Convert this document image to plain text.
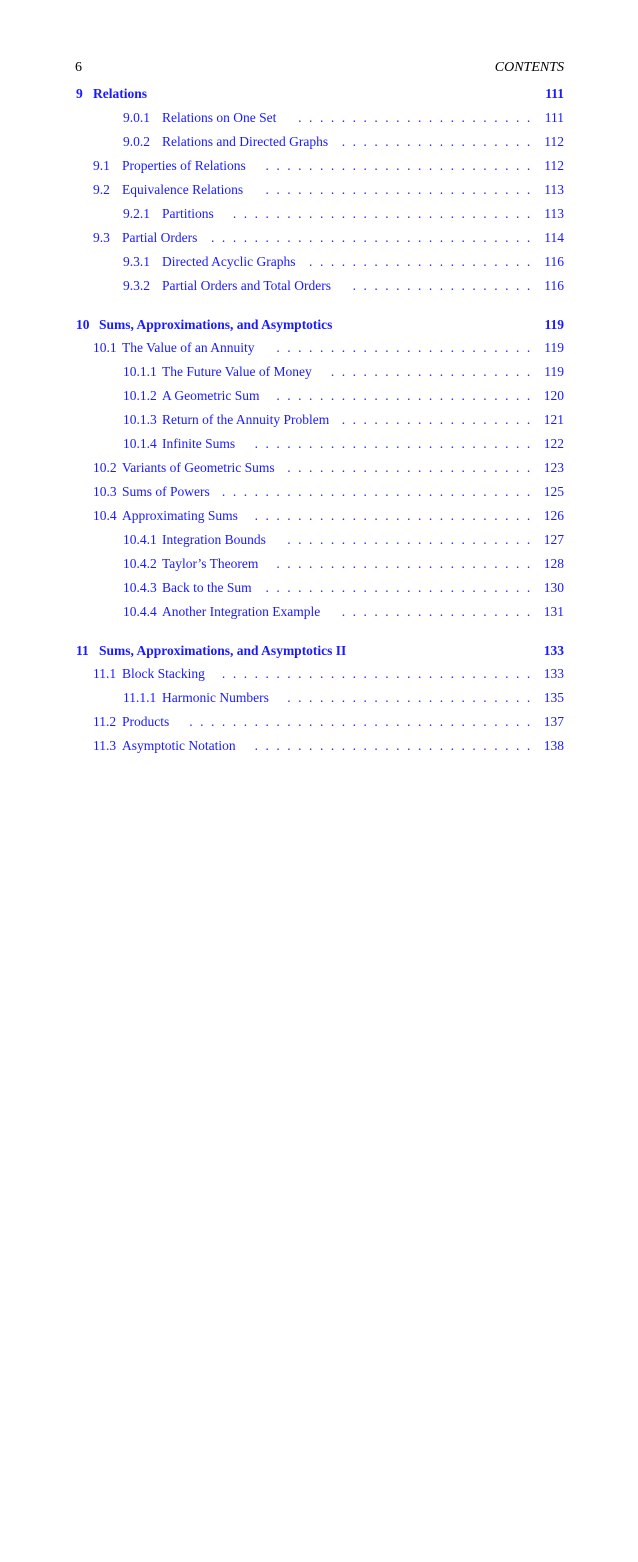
6	CONTENTS
9 Relations	111
9.0.1 Relations on One Set	111
. . . . . . . . . . . . . . . . . . . . . .
9.0.2 Relations and Directed Graphs	112
. . . . . . . . . . . . . . . . . .
9.1 Properties of Relations	112
. . . . . . . . . . . . . . . . . . . . . . . . .
9.2 Equivalence Relations	113
. . . . . . . . . . . . . . . . . . . . . . . . .
9.2.1 Partitions	113
. . . . . . . . . . . . . . . . . . . . . . . . . . . .
9.3 Partial Orders	114
. . . . . . . . . . . . . . . . . . . . . . . . . . . . . .
9.3.1 Directed Acyclic Graphs	116
. . . . . . . . . . . . . . . . . . . . .
9.3.2 Partial Orders and Total Orders	116
. . . . . . . . . . . . . . . . .
10 Sums, Approximations, and Asymptotics	119
10.1 The Value of an Annuity	119
. . . . . . . . . . . . . . . . . . . . . . . .
10.1.1 The Future Value of Money	119
. . . . . . . . . . . . . . . . . . .
10.1.2 A Geometric Sum	120
. . . . . . . . . . . . . . . . . . . . . . . .
10.1.3 Return of the Annuity Problem	121
. . . . . . . . . . . . . . . . . .
10.1.4 Infinite Sums	122
. . . . . . . . . . . . . . . . . . . . . . . . . .
10.2 Variants of Geometric Sums	123
. . . . . . . . . . . . . . . . . . . . . . .
10.3 Sums of Powers	125
. . . . . . . . . . . . . . . . . . . . . . . . . . . . .
10.4 Approximating Sums	126
. . . . . . . . . . . . . . . . . . . . . . . . . .
10.4.1 Integration Bounds	127
. . . . . . . . . . . . . . . . . . . . . . .
10.4.2 Taylor’s Theorem	128
. . . . . . . . . . . . . . . . . . . . . . . .
10.4.3 Back to the Sum	130
. . . . . . . . . . . . . . . . . . . . . . . . .
10.4.4 Another Integration Example	131
. . . . . . . . . . . . . . . . . .
11 Sums, Approximations, and Asymptotics II	133
11.1 Block Stacking	133
. . . . . . . . . . . . . . . . . . . . . . . . . . . . .
11.1.1 Harmonic Numbers	135
. . . . . . . . . . . . . . . . . . . . . . .
11.2 Products	137
. . . . . . . . . . . . . . . . . . . . . . . . . . . . . . . .
11.3 Asymptotic Notation	138
. . . . . . . . . . . . . . . . . . . . . . . . . .
